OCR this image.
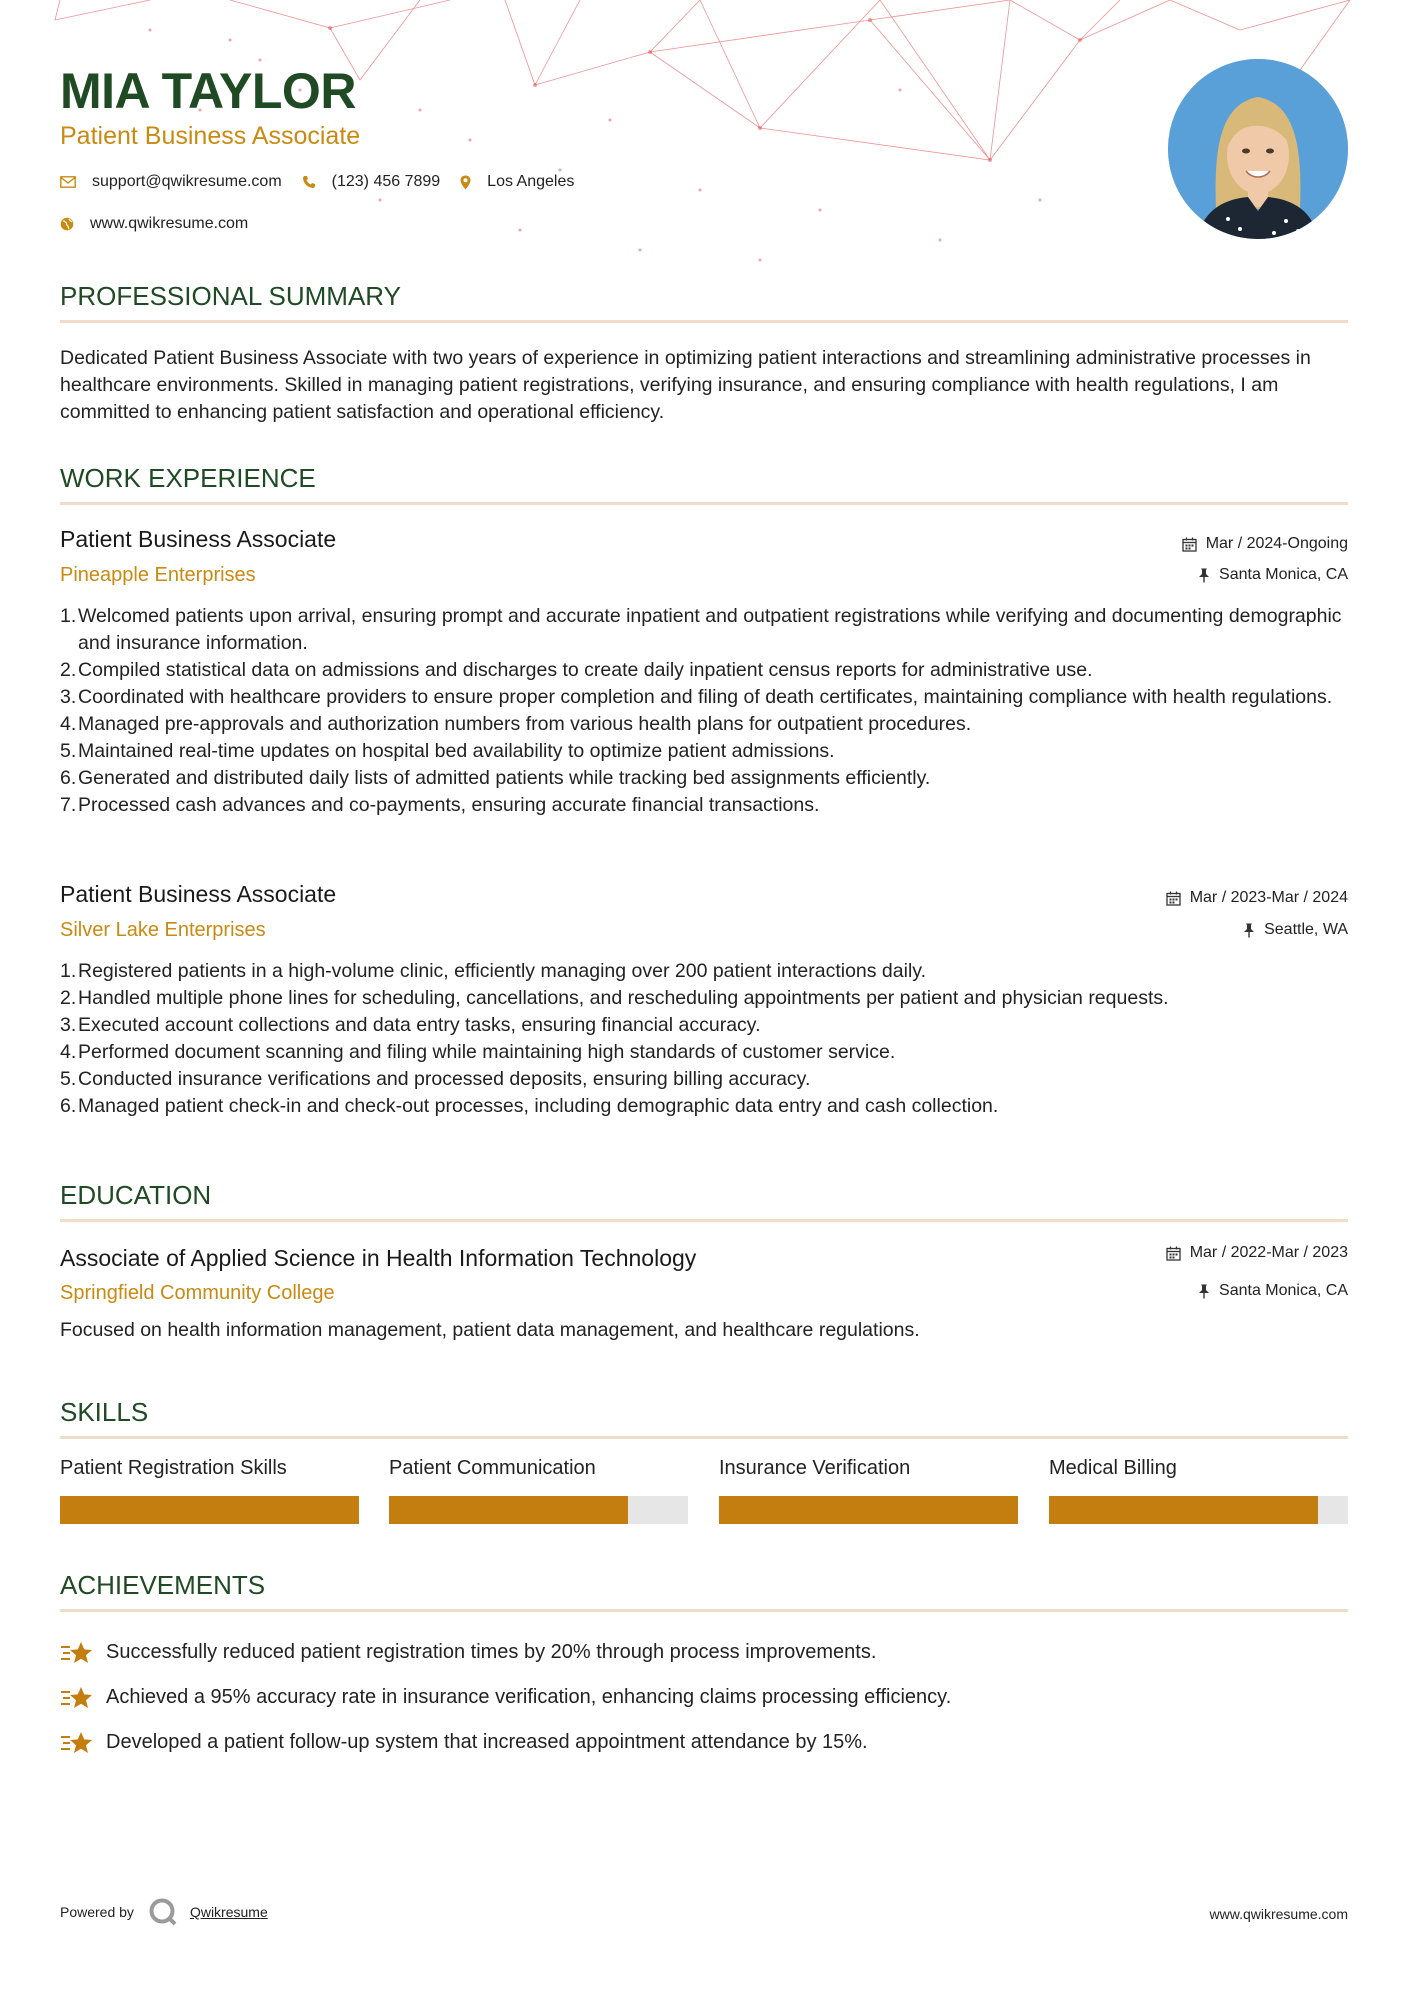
MIA TAYLOR
Patient Business Associate
support@qwikresume.com	(123) 456 7899	Los Angeles
www.qwikresume.com
PROFESSIONAL SUMMARY
Dedicated Patient Business Associate with two years of experience in optimizing patient interactions and streamlining administrative processes in healthcare environments. Skilled in managing patient registrations, verifying insurance, and ensuring compliance with health regulations, I am committed to enhancing patient satisfaction and operational efficiency.
WORK EXPERIENCE
Patient Business Associate
Pineapple Enterprises
Mar / 2024-Ongoing
Santa Monica, CA
1. Welcomed patients upon arrival, ensuring prompt and accurate inpatient and outpatient registrations while verifying and documenting demographic and insurance information.
2. Compiled statistical data on admissions and discharges to create daily inpatient census reports for administrative use.
3. Coordinated with healthcare providers to ensure proper completion and filing of death certificates, maintaining compliance with health regulations.
4. Managed pre-approvals and authorization numbers from various health plans for outpatient procedures.
5. Maintained real-time updates on hospital bed availability to optimize patient admissions.
6. Generated and distributed daily lists of admitted patients while tracking bed assignments efficiently.
7. Processed cash advances and co-payments, ensuring accurate financial transactions.
Patient Business Associate
Silver Lake Enterprises
Mar / 2023-Mar / 2024
Seattle, WA
1. Registered patients in a high-volume clinic, efficiently managing over 200 patient interactions daily.
2. Handled multiple phone lines for scheduling, cancellations, and rescheduling appointments per patient and physician requests.
3. Executed account collections and data entry tasks, ensuring financial accuracy.
4. Performed document scanning and filing while maintaining high standards of customer service.
5. Conducted insurance verifications and processed deposits, ensuring billing accuracy.
6. Managed patient check-in and check-out processes, including demographic data entry and cash collection.
EDUCATION
Associate of Applied Science in Health Information Technology
Springfield Community College
Mar / 2022-Mar / 2023
Santa Monica, CA
Focused on health information management, patient data management, and healthcare regulations.
SKILLS
Patient Registration Skills	Patient Communication	Insurance Verification	Medical Billing
ACHIEVEMENTS
Successfully reduced patient registration times by 20% through process improvements.
Achieved a 95% accuracy rate in insurance verification, enhancing claims processing efficiency.
Developed a patient follow-up system that increased appointment attendance by 15%.
Powered by	Qwikresume	www.qwikresume.com
